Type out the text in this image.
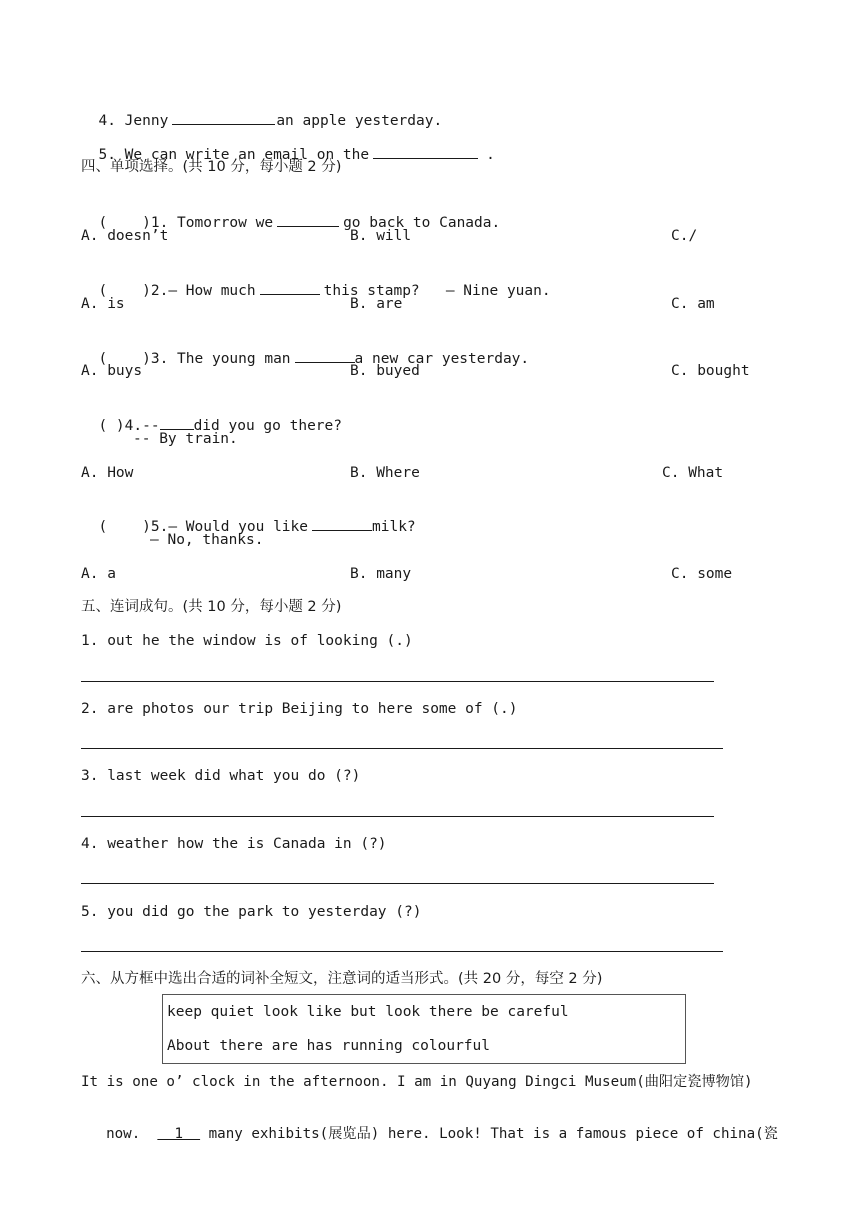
4. Jenny	an apple yesterday.

5. We can write an email on the	.

四、单项选择。(共 10 分，每小题 2 分)

(    )1. Tomorrow we	go back to Canada.

A. doesn’t	B. will	C./

(    )2.— How much	this stamp?   — Nine yuan.

A. is	B. are	C. am

(    )3. The young man	a new car yesterday.

A. buys	B. buyed	C. bought

( )4.-- did you go there?

-- By train.
A. How	B. Where	C. What

(    )5.— Would you like	milk?

— No, thanks.
A. a	B. many	C. some
五、连词成句。(共 10 分，每小题 2 分)
1. out he the window is of looking (.)
2. are photos our trip Beijing to here some of (.)
3. last week did what you do (?)
4. weather how the is Canada in (?)
5. you did go the park to yesterday (?)
六、从方框中选出合适的词补全短文，注意词的适当形式。(共 20 分，每空 2 分)
keep quiet look like but look there be careful
About there are has running colourful
It is one o’ clock in the afternoon. I am in Quyang Dingci Museum(曲阳定瓷博物馆)

now.    1   many exhibits(展览品) here. Look! That is a famous piece of china(瓷
